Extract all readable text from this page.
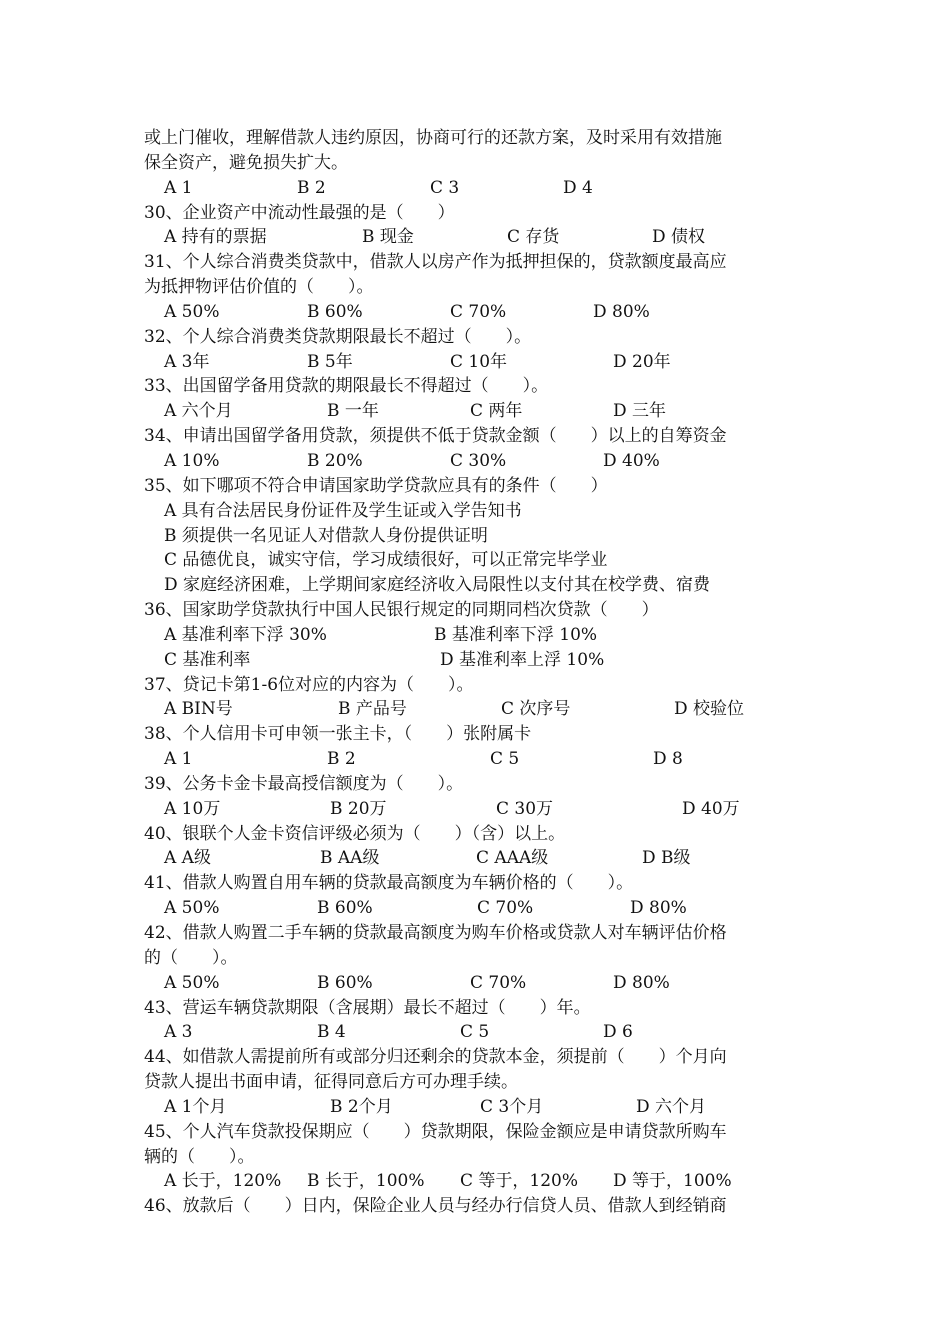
或上门催收，理解借款人违约原因，协商可行的还款方案，及时采用有效措施
保全资产，避免损失扩大。
A 1	B 2	C 3	D 4
30、企业资产中流动性最强的是（　　）
A 持有的票据	B 现金	C 存货	D 债权
31、个人综合消费类贷款中，借款人以房产作为抵押担保的，贷款额度最高应
为抵押物评估价值的（　　）。
A 50%	B 60%	C 70%	D 80%
32、个人综合消费类贷款期限最长不超过（　　）。
A 3年	B 5年	C 10年	D 20年
33、出国留学备用贷款的期限最长不得超过（　　）。
A 六个月	B 一年	C 两年	D 三年
34、申请出国留学备用贷款，须提供不低于贷款金额（　　）以上的自筹资金
A 10%	B 20%	C 30%	D 40%
35、如下哪项不符合申请国家助学贷款应具有的条件（　　）
A 具有合法居民身份证件及学生证或入学告知书
B 须提供一名见证人对借款人身份提供证明
C 品德优良，诚实守信，学习成绩很好，可以正常完毕学业
D 家庭经济困难，上学期间家庭经济收入局限性以支付其在校学费、宿费
36、国家助学贷款执行中国人民银行规定的同期同档次贷款（　　）
A 基准利率下浮 30%	B 基准利率下浮 10%
C 基准利率	D 基准利率上浮 10%
37、贷记卡第1-6位对应的内容为（　　）。
A BIN号	B 产品号	C 次序号	D 校验位
38、个人信用卡可申领一张主卡，（　　）张附属卡
A 1	B 2	C 5	D 8
39、公务卡金卡最高授信额度为（　　）。
A 10万	B 20万	C 30万	D 40万
40、银联个人金卡资信评级必须为（　　）（含）以上。
A A级	B AA级	C AAA级	D B级
41、借款人购置自用车辆的贷款最高额度为车辆价格的（　　）。
A 50%	B 60%	C 70%	D 80%
42、借款人购置二手车辆的贷款最高额度为购车价格或贷款人对车辆评估价格
的（　　）。
A 50%	B 60%	C 70%	D 80%
43、营运车辆贷款期限（含展期）最长不超过（　　）年。
A 3	B 4	C 5	D 6
44、如借款人需提前所有或部分归还剩余的贷款本金，须提前（　　）个月向
贷款人提出书面申请，征得同意后方可办理手续。
A 1个月	B 2个月	C 3个月	D 六个月
45、个人汽车贷款投保期应（　　）贷款期限，保险金额应是申请贷款所购车
辆的（　　）。
A 长于，120%	B 长于，100%	C 等于，120%	D 等于，100%
46、放款后（　　）日内，保险企业人员与经办行信贷人员、借款人到经销商
